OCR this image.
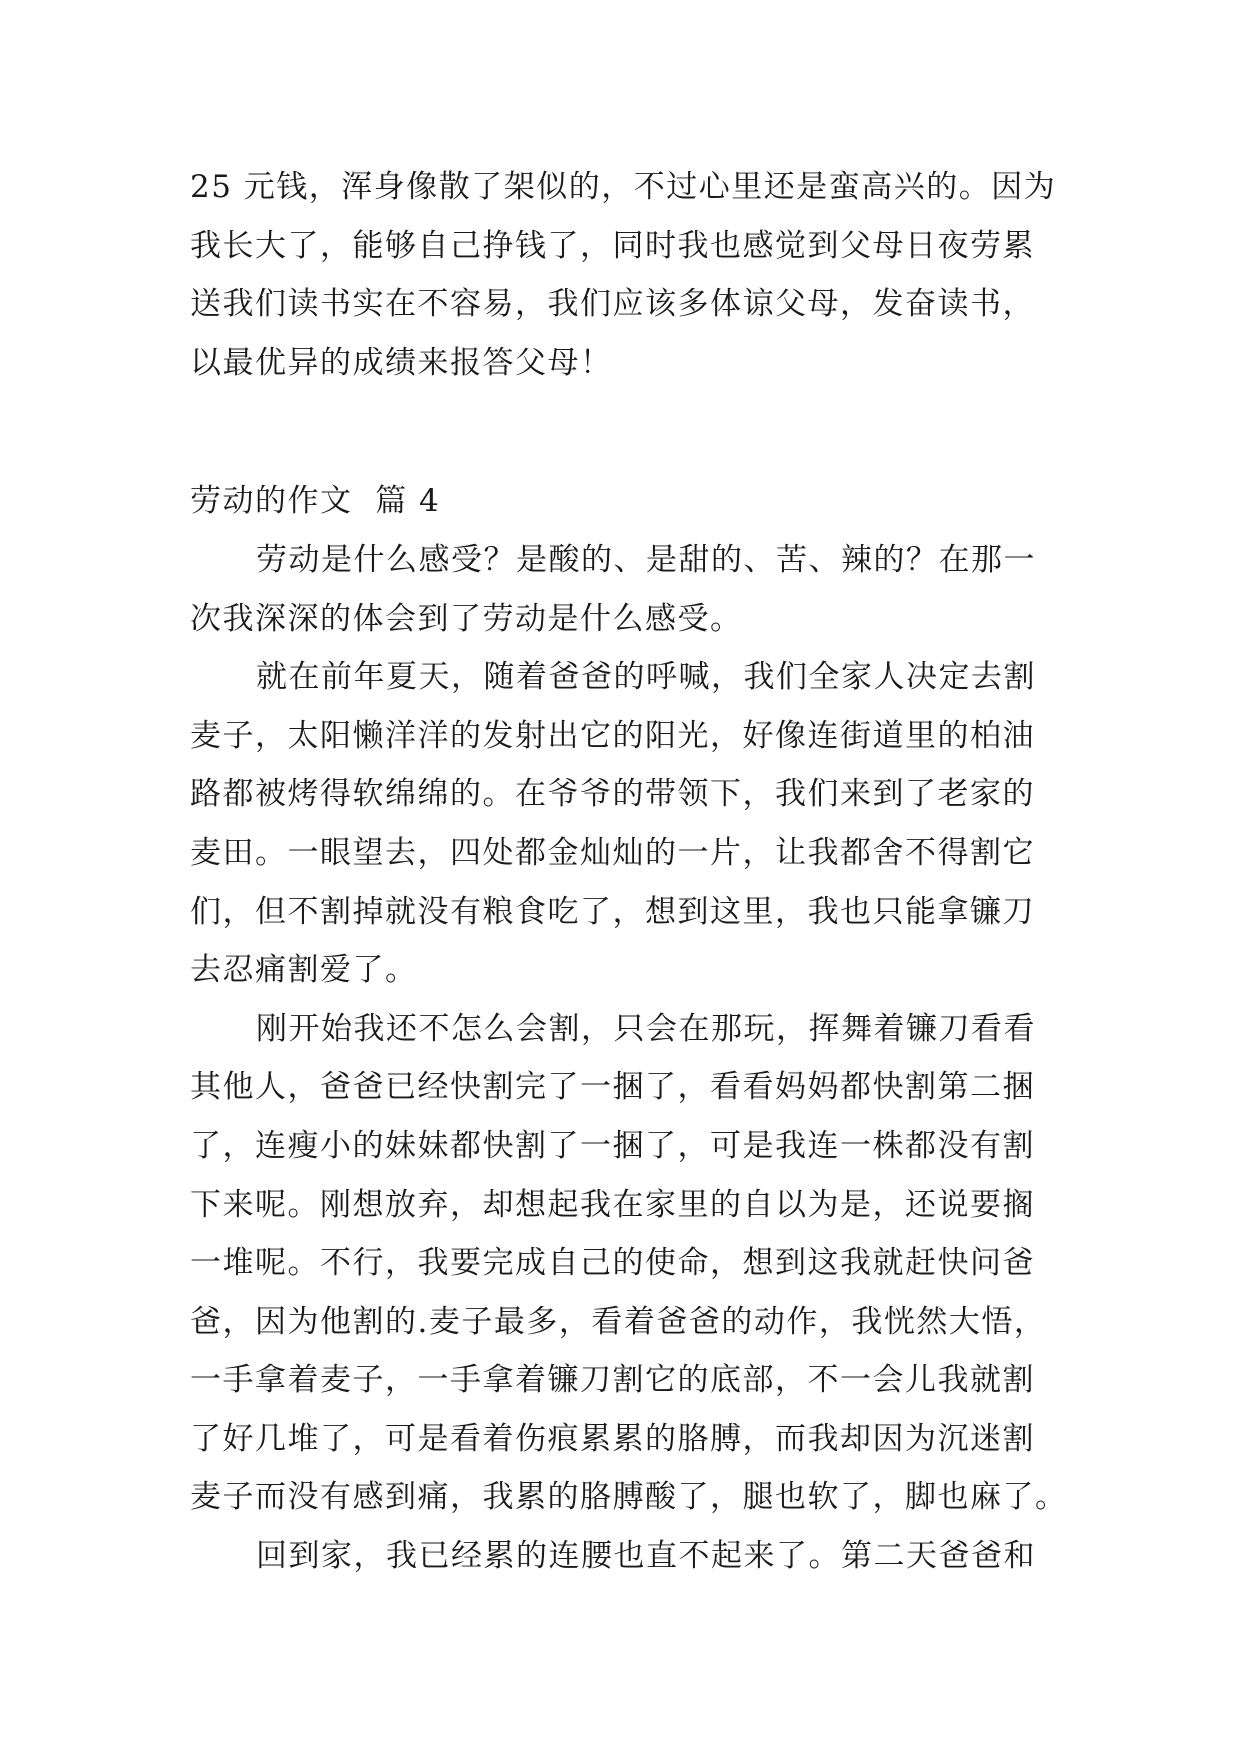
25 元钱，浑身像散了架似的，不过心里还是蛮高兴的。因为
我长大了，能够自己挣钱了，同时我也感觉到父母日夜劳累
送我们读书实在不容易，我们应该多体谅父母，发奋读书，
以最优异的成绩来报答父母！
劳动的作文  篇 4
劳动是什么感受？是酸的、是甜的、苦、辣的？在那一
次我深深的体会到了劳动是什么感受。
就在前年夏天，随着爸爸的呼喊，我们全家人决定去割
麦子，太阳懒洋洋的发射出它的阳光，好像连街道里的柏油
路都被烤得软绵绵的。在爷爷的带领下，我们来到了老家的
麦田。一眼望去，四处都金灿灿的一片，让我都舍不得割它
们，但不割掉就没有粮食吃了，想到这里，我也只能拿镰刀
去忍痛割爱了。
刚开始我还不怎么会割，只会在那玩，挥舞着镰刀看看
其他人，爸爸已经快割完了一捆了，看看妈妈都快割第二捆
了，连瘦小的妹妹都快割了一捆了，可是我连一株都没有割
下来呢。刚想放弃，却想起我在家里的自以为是，还说要搁
一堆呢。不行，我要完成自己的使命，想到这我就赶快问爸
爸，因为他割的.麦子最多，看着爸爸的动作，我恍然大悟，
一手拿着麦子，一手拿着镰刀割它的底部，不一会儿我就割
了好几堆了，可是看着伤痕累累的胳膊，而我却因为沉迷割
麦子而没有感到痛，我累的胳膊酸了，腿也软了，脚也麻了。
回到家，我已经累的连腰也直不起来了。第二天爸爸和
